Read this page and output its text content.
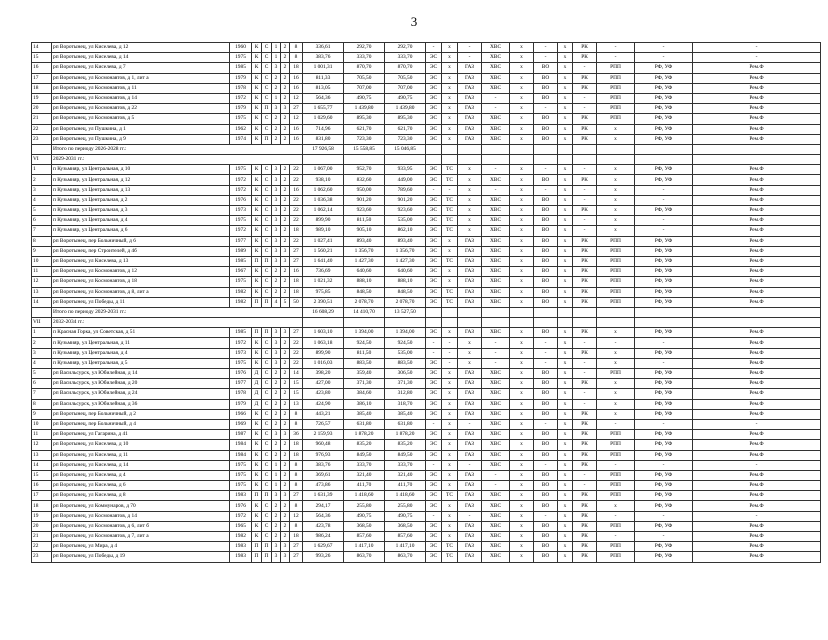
3
14	рп Воротынец, ул Киселева, д 12	1960	К	С	1	2	8	336,61	292,70	292,70	-	х	-	ХВС	х	-	х	РК	-	-	-
15	рп Воротынец, ул Киселева, д 14	1975	К	С	1	2	8	383,76	333,70	333,70	ЭС	х	-	ХВС	х	-	х	РК	-	-	-
16	рп Воротынец, ул Киселева, д 7	1985	К	С	3	2	18	1 001,31	870,70	870,70	ЭС	х	ГАЗ	ХВС	х	ВО	х	-	РПП	РФ, УФ	Рем.Ф
17	рп Воротынец, ул Космонавтов, д 1, лит а	1979	К	С	2	2	16	811,33	705,50	705,50	ЭС	х	ГАЗ	ХВС	х	ВО	х	РК	РПП	РФ, УФ	Рем.Ф
18	рп Воротынец, ул Космонавтов, д 11	1978	К	С	2	2	16	813,05	707,00	707,00	ЭС	х	ГАЗ	ХВС	х	ВО	х	РК	РПП	РФ, УФ	Рем.Ф
19	рп Воротынец, ул Космонавтов, д 14	1972	К	С	1	2	12	564,36	490,75	490,75	ЭС	х	ГАЗ	-	х	ВО	х	-	РПП	РФ, УФ	Рем.Ф
20	рп Воротынец, ул Космонавтов, д 22	1979	К	П	3	3	27	1 655,77	1 439,80	1 439,80	ЭС	х	ГАЗ	-	х	-	х	-	РПП	РФ, УФ	Рем.Ф
21	рп Воротынец, ул Космонавтов, д 5	1975	К	С	2	2	12	1 029,60	895,30	895,30	ЭС	х	ГАЗ	ХВС	х	ВО	х	РК	РПП	РФ, УФ	Рем.Ф
22	рп Воротынец, ул Пушкина, д 1	1962	К	С	2	2	16	714,96	621,70	621,70	ЭС	х	ГАЗ	ХВС	х	ВО	х	РК	х	РФ, УФ	Рем.Ф
23	рп Воротынец, ул Пушкина, д 9	1974	К	П	2	2	16	831,80	723,30	723,30	ЭС	х	ГАЗ	ХВС	х	ВО	х	РК	х	РФ, УФ	Рем.Ф
	Итого по периоду 2026-2028 гг.:							17 926,58	15 558,85	15 046,85											
VI	2029-2031 гг.:																				
1	п Кузьмияр, ул Центральная, д 10	1975	К	С	3	2	22	1 067,00	952,70	933,95	ЭС	ТС	х	-	х	-	х	-	х	РФ, УФ	Рем.Ф
2	п Кузьмияр, ул Центральная, д 12	1972	К	С	3	2	22	938,10	832,60	449,00	ЭС	ТС	х	ХВС	х	ВО	х	РК	х	РФ, УФ	Рем.Ф
3	п Кузьмияр, ул Центральная, д 13	1972	К	С	3	2	16	1 062,60	950,00	789,60	-	-	х	-	х	-	х	-	х	-	Рем.Ф
4	п Кузьмияр, ул Центральная, д 2	1976	К	С	3	2	22	1 036,38	901,20	901,20	ЭС	ТС	х	ХВС	х	ВО	х	-	х	-	Рем.Ф
5	п Кузьмияр, ул Центральная, д 3	1973	К	С	3	2	22	1 062,14	923,60	923,60	ЭС	ТС	х	ХВС	х	ВО	х	РК	х	РФ, УФ	Рем.Ф
6	п Кузьмияр, ул Центральная, д 4	1975	К	С	3	2	22	899,90	811,50	535,00	ЭС	ТС	х	ХВС	х	ВО	х	-	х	-	Рем.Ф
7	п Кузьмияр, ул Центральная, д 6	1972	К	С	3	2	18	989,10	905,10	862,10	ЭС	ТС	х	ХВС	х	ВО	х	-	х	-	Рем.Ф
8	рп Воротынец, пер Больничный, д 6	1977	К	С	3	2	22	1 027,41	893,40	893,40	ЭС	х	ГАЗ	ХВС	х	ВО	х	РК	РПП	РФ, УФ	Рем.Ф
9	рп Воротынец, пер Строителей, д 4б	1989	К	С	3	3	27	1 560,21	1 356,70	1 356,70	ЭС	х	ГАЗ	ХВС	х	ВО	х	РК	РПП	РФ, УФ	Рем.Ф
10	рп Воротынец, ул Киселева, д 13	1985	П	П	3	3	27	1 641,40	1 427,30	1 427,30	ЭС	ТС	ГАЗ	ХВС	х	ВО	х	РК	РПП	РФ, УФ	Рем.Ф
11	рп Воротынец, ул Космонавтов, д 12	1967	К	С	2	2	16	736,69	640,60	640,60	ЭС	х	ГАЗ	ХВС	х	ВО	х	РК	РПП	РФ, УФ	Рем.Ф
12	рп Воротынец, ул Космонавтов, д 18	1975	К	С	2	2	18	1 021,32	888,10	888,10	ЭС	х	ГАЗ	ХВС	х	ВО	х	РК	РПП	РФ, УФ	Рем.Ф
13	рп Воротынец, ул Космонавтов, д 8, лит а	1982	К	С	2	2	18	975,85	848,50	848,50	ЭС	ТС	ГАЗ	ХВС	х	ВО	х	РК	РПП	РФ, УФ	Рем.Ф
14	рп Воротынец, ул Победы, д 11	1982	П	П	4	5	50	2 390,51	2 078,70	2 078,70	ЭС	ТС	ГАЗ	ХВС	х	ВО	х	РК	РПП	РФ, УФ	Рем.Ф
	Итого по периоду 2029-2031 гг.:							16 608,29	14 410,70	13 527,50											
VII	2032-2034 гг.:																				
1	п Красная Горка, ул Советская, д 51	1985	П	П	3	3	27	1 603,10	1 394,00	1 394,00	ЭС	х	ГАЗ	ХВС	х	ВО	х	РК	х	РФ, УФ	Рем.Ф
2	п Кузьмияр, ул Центральная, д 11	1972	К	С	3	2	22	1 063,18	924,50	924,50	-	-	х	-	х	-	х	-	-	-	Рем.Ф
3	п Кузьмияр, ул Центральная, д 4	1973	К	С	3	2	22	899,90	811,50	535,00	-	-	х	-	х	-	х	РК	х	РФ, УФ	Рем.Ф
4	п Кузьмияр, ул Центральная, д 5	1975	К	С	3	2	22	1 016,03	883,50	883,50	ЭС	-	х	-	х	-	х	-	х	-	Рем.Ф
5	рп Васильсурск, ул Юбилейная, д 14	1976	Д	С	2	2	14	398,20	359,40	306,50	ЭС	х	ГАЗ	ХВС	х	ВО	х	-	РПП	РФ, УФ	Рем.Ф
6	рп Васильсурск, ул Юбилейная, д 20	1977	Д	С	2	2	15	427,00	371,30	371,30	ЭС	х	ГАЗ	ХВС	х	ВО	х	РК	х	РФ, УФ	Рем.Ф
7	рп Васильсурск, ул Юбилейная, д 24	1978	Д	С	2	2	15	423,80	384,60	312,80	ЭС	х	ГАЗ	ХВС	х	ВО	х	-	х	РФ, УФ	Рем.Ф
8	рп Васильсурск, ул Юбилейная, д 36	1979	Д	С	2	2	13	424,90	386,10	318,70	ЭС	х	ГАЗ	ХВС	х	ВО	х	-	х	РФ, УФ	Рем.Ф
9	рп Воротынец, пер Больничный, д 2	1966	К	С	2	2	8	443,21	385,40	385,40	ЭС	х	ГАЗ	ХВС	х	ВО	х	РК	х	РФ, УФ	Рем.Ф
10	рп Воротынец, пер Больничный, д 4	1969	К	С	2	2	8	726,57	631,80	631,80	-	х	-	ХВС	х	-	х	РК	-	-	-
11	рп Воротынец, ул Гагарина, д 41	1987	К	С	3	3	36	2 159,93	1 878,20	1 878,20	ЭС	х	ГАЗ	ХВС	х	ВО	х	РК	РПП	РФ, УФ	Рем.Ф
12	рп Воротынец, ул Киселева, д 10	1984	К	С	2	2	18	960,48	835,20	835,20	ЭС	х	ГАЗ	ХВС	х	ВО	х	РК	РПП	РФ, УФ	Рем.Ф
13	рп Воротынец, ул Киселева, д 11	1984	К	С	2	2	18	976,93	849,50	849,50	ЭС	х	ГАЗ	ХВС	х	ВО	х	РК	РПП	РФ, УФ	Рем.Ф
14	рп Воротынец, ул Киселева, д 14	1975	К	С	1	2	8	383,76	333,70	333,70	-	х	-	ХВС	х	-	х	РК	-	-	-
15	рп Воротынец, ул Киселева, д 4	1975	К	С	1	2	8	369,61	321,40	321,40	ЭС	х	ГАЗ	-	х	ВО	х	-	РПП	РФ, УФ	Рем.Ф
16	рп Воротынец, ул Киселева, д 6	1975	К	С	1	2	8	473,86	411,70	411,70	ЭС	х	ГАЗ	-	х	ВО	х	-	РПП	РФ, УФ	Рем.Ф
17	рп Воротынец, ул Киселева, д 8	1983	П	П	3	3	27	1 631,39	1 418,60	1 418,60	ЭС	ТС	ГАЗ	ХВС	х	ВО	х	РК	РПП	РФ, УФ	Рем.Ф
18	рп Воротынец, ул Коммунаров, д 70	1976	К	С	2	2	8	294,17	255,80	255,80	ЭС	х	ГАЗ	ХВС	х	ВО	х	РК	х	РФ, УФ	Рем.Ф
19	рп Воротынец, ул Космонавтов, д 14	1972	К	С	2	2	12	564,36	490,75	490,75	-	х	-	ХВС	х	-	х	РК	-	-	-
20	рп Воротынец, ул Космонавтов, д 6, лит б	1965	К	С	2	2	8	423,78	368,50	368,50	ЭС	х	ГАЗ	ХВС	х	ВО	х	РК	РПП	РФ, УФ	Рем.Ф
21	рп Воротынец, ул Космонавтов, д 7, лит а	1982	К	С	2	2	18	986,24	857,60	857,60	ЭС	х	ГАЗ	ХВС	х	ВО	х	РК	-	-	Рем.Ф
22	рп Воротынец, ул Мира, д 4	1983	П	П	3	3	27	1 629,67	1 417,10	1 417,10	ЭС	ТС	ГАЗ	ХВС	х	ВО	х	РК	РПП	РФ, УФ	Рем.Ф
23	рп Воротынец, ул Победы, д 19	1983	П	П	3	3	27	993,26	863,70	863,70	ЭС	ТС	ГАЗ	ХВС	х	ВО	х	РК	РПП	РФ, УФ	Рем.Ф
